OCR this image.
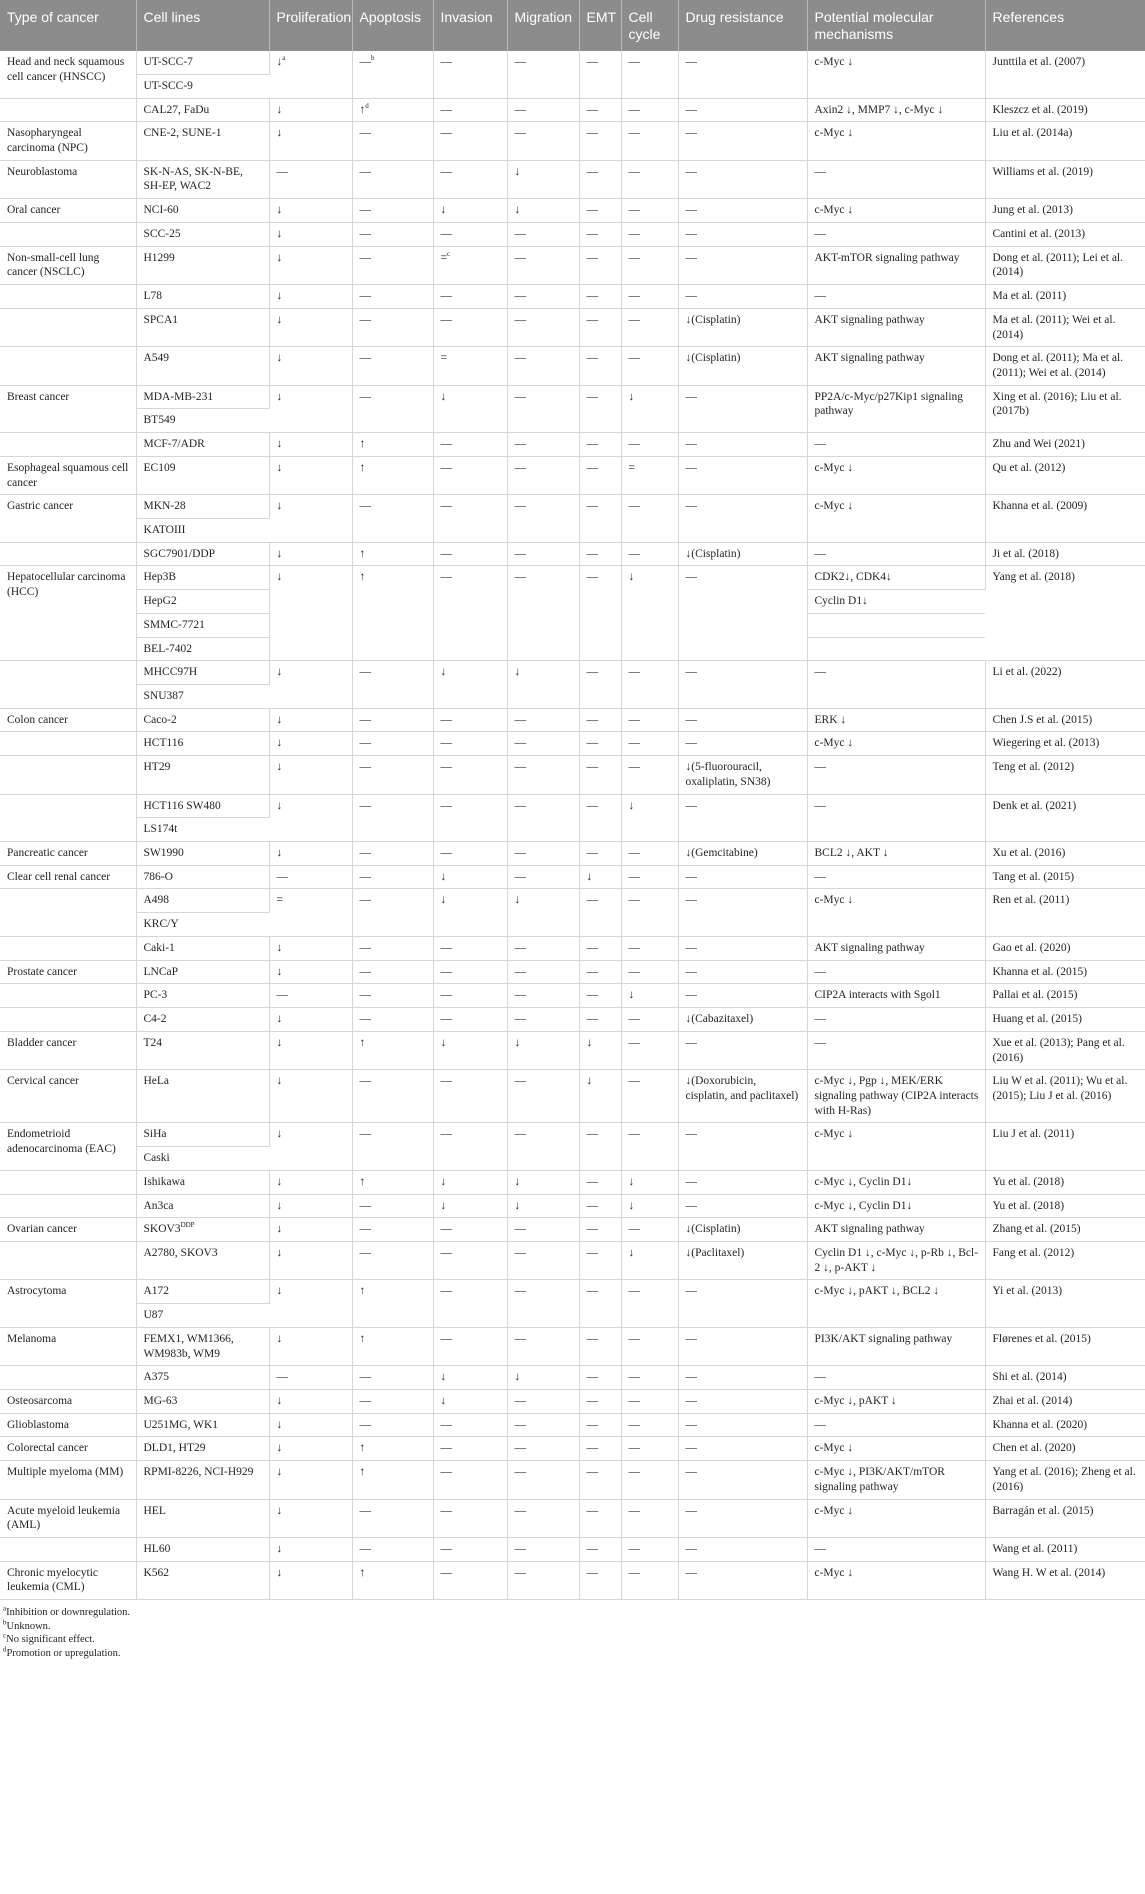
Type of cancer	Cell lines	Proliferation	Apoptosis	Invasion	Migration	EMT	Cell cycle	Drug resistance	Potential molecular mechanisms	References
Head and neck squamous cell cancer (HNSCC)	UT-SCC-7	↓$^a$	—$^b$	—	—	—	—	—	c-Myc ↓	Junttila et al. (2007)
	UT-SCC-9									
	CAL27, FaDu	↓	↑$^d$	—	—	—	—	—	Axin2 ↓, MMP7 ↓, c-Myc ↓	Kleszcz et al. (2019)
Nasopharyngeal carcinoma (NPC)	CNE-2, SUNE-1	↓	—	—	—	—	—	—	c-Myc ↓	Liu et al. (2014a)
Neuroblastoma	SK-N-AS, SK-N-BE, SH-EP, WAC2	—	—	—	↓	—	—	—	—	Williams et al. (2019)
Oral cancer	NCI-60	↓	—	↓	↓	—	—	—	c-Myc ↓	Jung et al. (2013)
	SCC-25	↓	—	—	—	—	—	—	—	Cantini et al. (2013)
Non-small-cell lung cancer (NSCLC)	H1299	↓	—	=$^c$	—	—	—	—	AKT-mTOR signaling pathway	Dong et al. (2011); Lei et al. (2014)
	L78	↓	—	—	—	—	—	—	—	Ma et al. (2011)
	SPCA1	↓	—	—	—	—	—	↓(Cisplatin)	AKT signaling pathway	Ma et al. (2011); Wei et al. (2014)
	A549	↓	—	=	—	—	—	↓(Cisplatin)	AKT signaling pathway	Dong et al. (2011); Ma et al. (2011); Wei et al. (2014)
Breast cancer	MDA-MB-231	↓	—	↓	—	—	↓	—	PP2A/c-Myc/p27Kip1 signaling pathway	Xing et al. (2016); Liu et al. (2017b)
	BT549									
	MCF-7/ADR	↓	↑	—	—	—	—	—	—	Zhu and Wei (2021)
Esophageal squamous cell cancer	EC109	↓	↑	—	—	—	=	—	c-Myc ↓	Qu et al. (2012)
Gastric cancer	MKN-28	↓	—	—	—	—	—	—	c-Myc ↓	Khanna et al. (2009)
	KATOIII									
	SGC7901/DDP	↓	↑	—	—	—	—	↓(Cisplatin)	—	Ji et al. (2018)
Hepatocellular carcinoma (HCC)	Hep3B	↓	↑	—	—	—	↓	—	CDK2↓, CDK4↓	Yang et al. (2018)
	HepG2								Cyclin D1↓	
	SMMC-7721									
	BEL-7402									
	MHCC97H	↓	—	↓	↓	—	—	—	—	Li et al. (2022)
	SNU387									
Colon cancer	Caco-2	↓	—	—	—	—	—	—	ERK ↓	Chen J.S et al. (2015)
	HCT116	↓	—	—	—	—	—	—	c-Myc ↓	Wiegering et al. (2013)
	HT29	↓	—	—	—	—	—	↓(5-fluorouracil, oxaliplatin, SN38)	—	Teng et al. (2012)
	HCT116 SW480	↓	—	—	—	—	↓	—	—	Denk et al. (2021)
	LS174t									
Pancreatic cancer	SW1990	↓	—	—	—	—	—	↓(Gemcitabine)	BCL2 ↓, AKT ↓	Xu et al. (2016)
Clear cell renal cancer	786-O	—	—	↓	—	↓	—	—	—	Tang et al. (2015)
	A498	=	—	↓	↓	—	—	—	c-Myc ↓	Ren et al. (2011)
	KRC/Y									
	Caki-1	↓	—	—	—	—	—	—	AKT signaling pathway	Gao et al. (2020)
Prostate cancer	LNCaP	↓	—	—	—	—	—	—	—	Khanna et al. (2015)
	PC-3	—	—	—	—	—	↓	—	CIP2A interacts with Sgol1	Pallai et al. (2015)
	C4-2	↓	—	—	—	—	—	↓(Cabazitaxel)	—	Huang et al. (2015)
Bladder cancer	T24	↓	↑	↓	↓	↓	—	—	—	Xue et al. (2013); Pang et al. (2016)
Cervical cancer	HeLa	↓	—	—	—	↓	—	↓(Doxorubicin, cisplatin, and paclitaxel)	c-Myc ↓, Pgp ↓, MEK/ERK signaling pathway (CIP2A interacts with H-Ras)	Liu W et al. (2011); Wu et al. (2015); Liu J et al. (2016)
Endometrioid adenocarcinoma (EAC)	SiHa	↓	—	—	—	—	—	—	c-Myc ↓	Liu J et al. (2011)
	Caski									
	Ishikawa	↓	↑	↓	↓	—	↓	—	c-Myc ↓, Cyclin D1↓	Yu et al. (2018)
	An3ca	↓	—	↓	↓	—	↓	—	c-Myc ↓, Cyclin D1↓	Yu et al. (2018)
Ovarian cancer	$SKOV3^{DDP}$	↓	—	—	—	—	—	↓(Cisplatin)	AKT signaling pathway	Zhang et al. (2015)
	A2780, SKOV3	↓	—	—	—	—	↓	↓(Paclitaxel)	Cyclin D1 ↓, c-Myc ↓, p-Rb ↓, Bcl-2 ↓, p-AKT ↓	Fang et al. (2012)
Astrocytoma	A172	↓	↑	—	—	—	—	—	c-Myc ↓, pAKT ↓, BCL2 ↓	Yi et al. (2013)
	U87									
Melanoma	FEMX1, WM1366, WM983b, WM9	↓	↑	—	—	—	—	—	PI3K/AKT signaling pathway	Flørenes et al. (2015)
	A375	—	—	↓	↓	—	—	—	—	Shi et al. (2014)
Osteosarcoma	MG-63	↓	—	↓	—	—	—	—	c-Myc ↓, pAKT ↓	Zhai et al. (2014)
Glioblastoma	U251MG, WK1	↓	—	—	—	—	—	—	—	Khanna et al. (2020)
Colorectal cancer	DLD1, HT29	↓	↑	—	—	—	—	—	c-Myc ↓	Chen et al. (2020)
Multiple myeloma (MM)	RPMI-8226, NCI-H929	↓	↑	—	—	—	—	—	c-Myc ↓, PI3K/AKT/mTOR signaling pathway	Yang et al. (2016); Zheng et al. (2016)
Acute myeloid leukemia (AML)	HEL	↓	—	—	—	—	—	—	c-Myc ↓	Barragán et al. (2015)
	HL60	↓	—	—	—	—	—	—	—	Wang et al. (2011)
Chronic myelocytic leukemia (CML)	K562	↓	↑	—	—	—	—	—	c-Myc ↓	Wang H. W et al. (2014)
$^a$Inhibition or downregulation.
$^b$Unknown.
$^c$No significant effect.
$^d$Promotion or upregulation.
